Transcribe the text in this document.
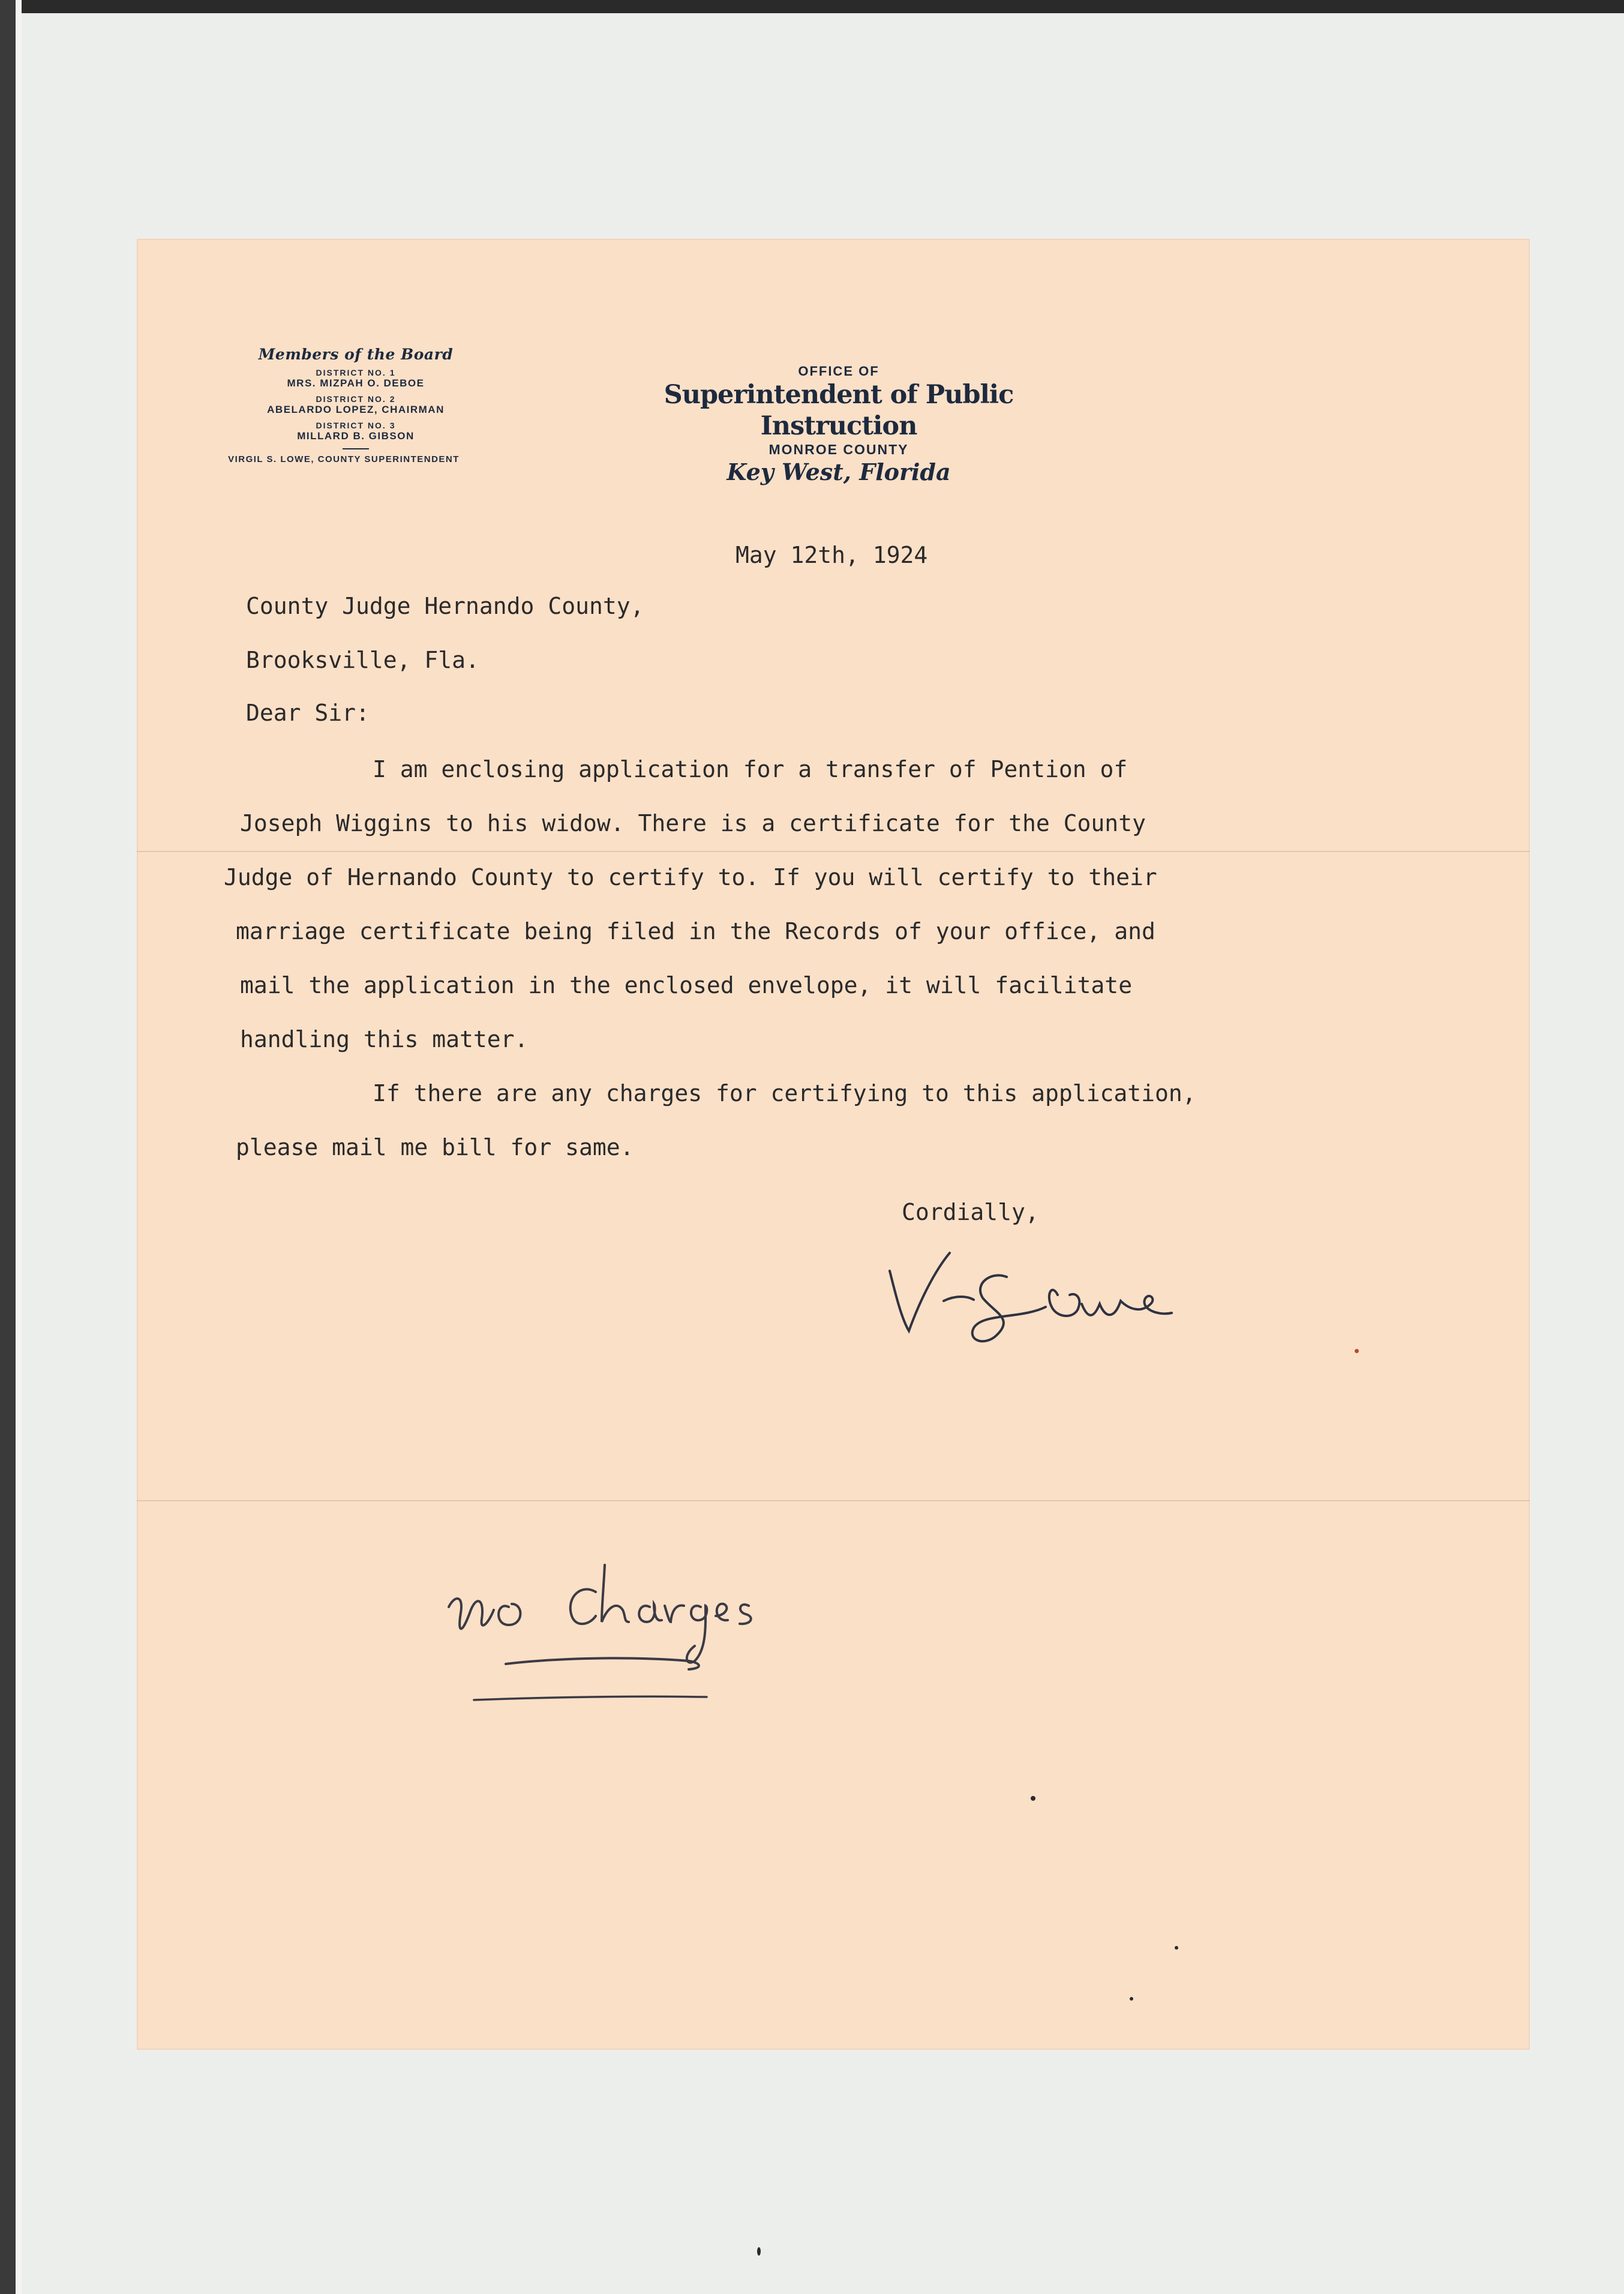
Members of the Board
DISTRICT NO. 1
MRS. MIZPAH O. DEBOE
DISTRICT NO. 2
ABELARDO LOPEZ, CHAIRMAN
DISTRICT NO. 3
MILLARD B. GIBSON
VIRGIL S. LOWE, COUNTY SUPERINTENDENT
OFFICE OF
Superintendent of Public Instruction
MONROE COUNTY
Key West, Florida
May 12th, 1924
County Judge Hernando County,
Brooksville, Fla.
Dear Sir:
I am enclosing application for a transfer of Pention of
Joseph Wiggins to his widow. There is a certificate for the County
Judge of Hernando County to certify to. If you will certify to their
marriage certificate being filed in the Records of your office, and
mail the application in the enclosed envelope, it will facilitate
handling this matter.
If there are any charges for certifying to this application,
please mail me bill for same.
Cordially,
